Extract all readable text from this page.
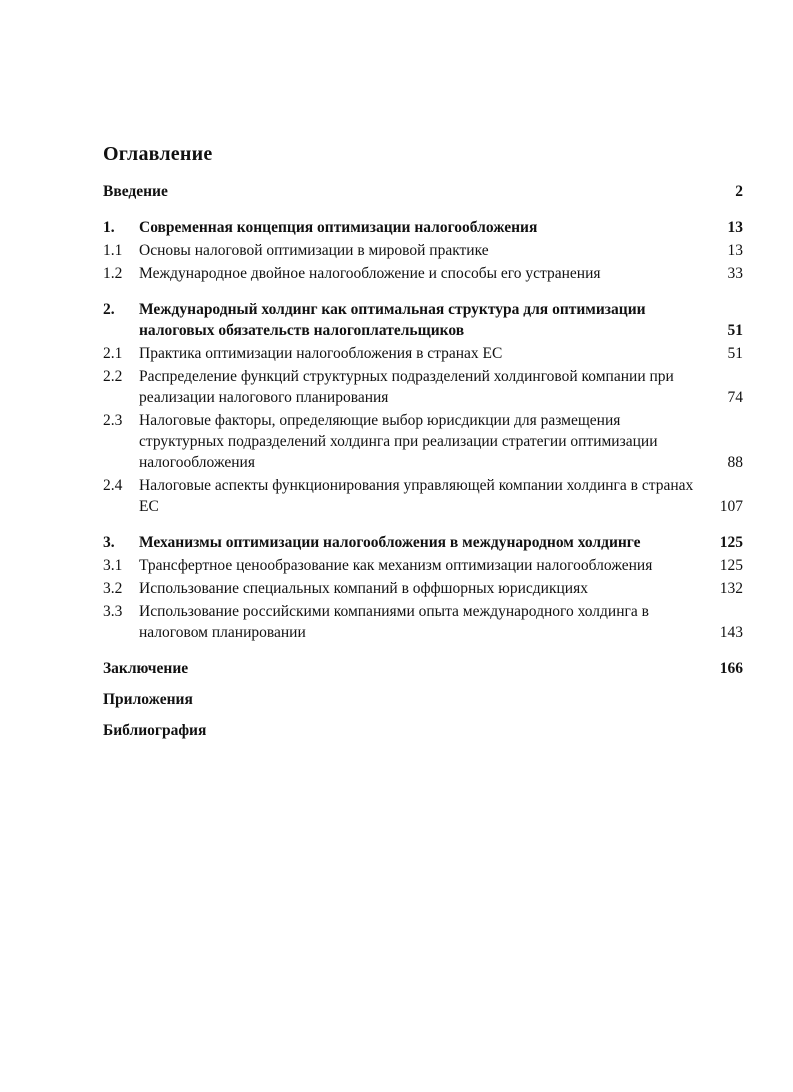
Оглавление
Введение	2
1.	Современная концепция оптимизации налогообложения	13
1.1	Основы налоговой оптимизации в мировой практике	13
1.2	Международное двойное налогообложение и способы его устранения	33
2.	Международный холдинг как оптимальная структура для оптимизации налоговых обязательств налогоплательщиков	51
2.1	Практика оптимизации налогообложения в странах ЕС	51
2.2	Распределение функций структурных подразделений холдинговой компании при реализации налогового планирования	74
2.3	Налоговые факторы, определяющие выбор юрисдикции для размещения структурных подразделений холдинга при реализации стратегии оптимизации налогообложения	88
2.4	Налоговые аспекты функционирования управляющей компании холдинга в странах ЕС	107
3.	Механизмы оптимизации налогообложения в международном холдинге	125
3.1	Трансфертное ценообразование как механизм оптимизации налогообложения	125
3.2	Использование специальных компаний в оффшорных юрисдикциях	132
3.3	Использование российскими компаниями опыта международного холдинга в налоговом планировании	143
Заключение	166
Приложения
Библиография
